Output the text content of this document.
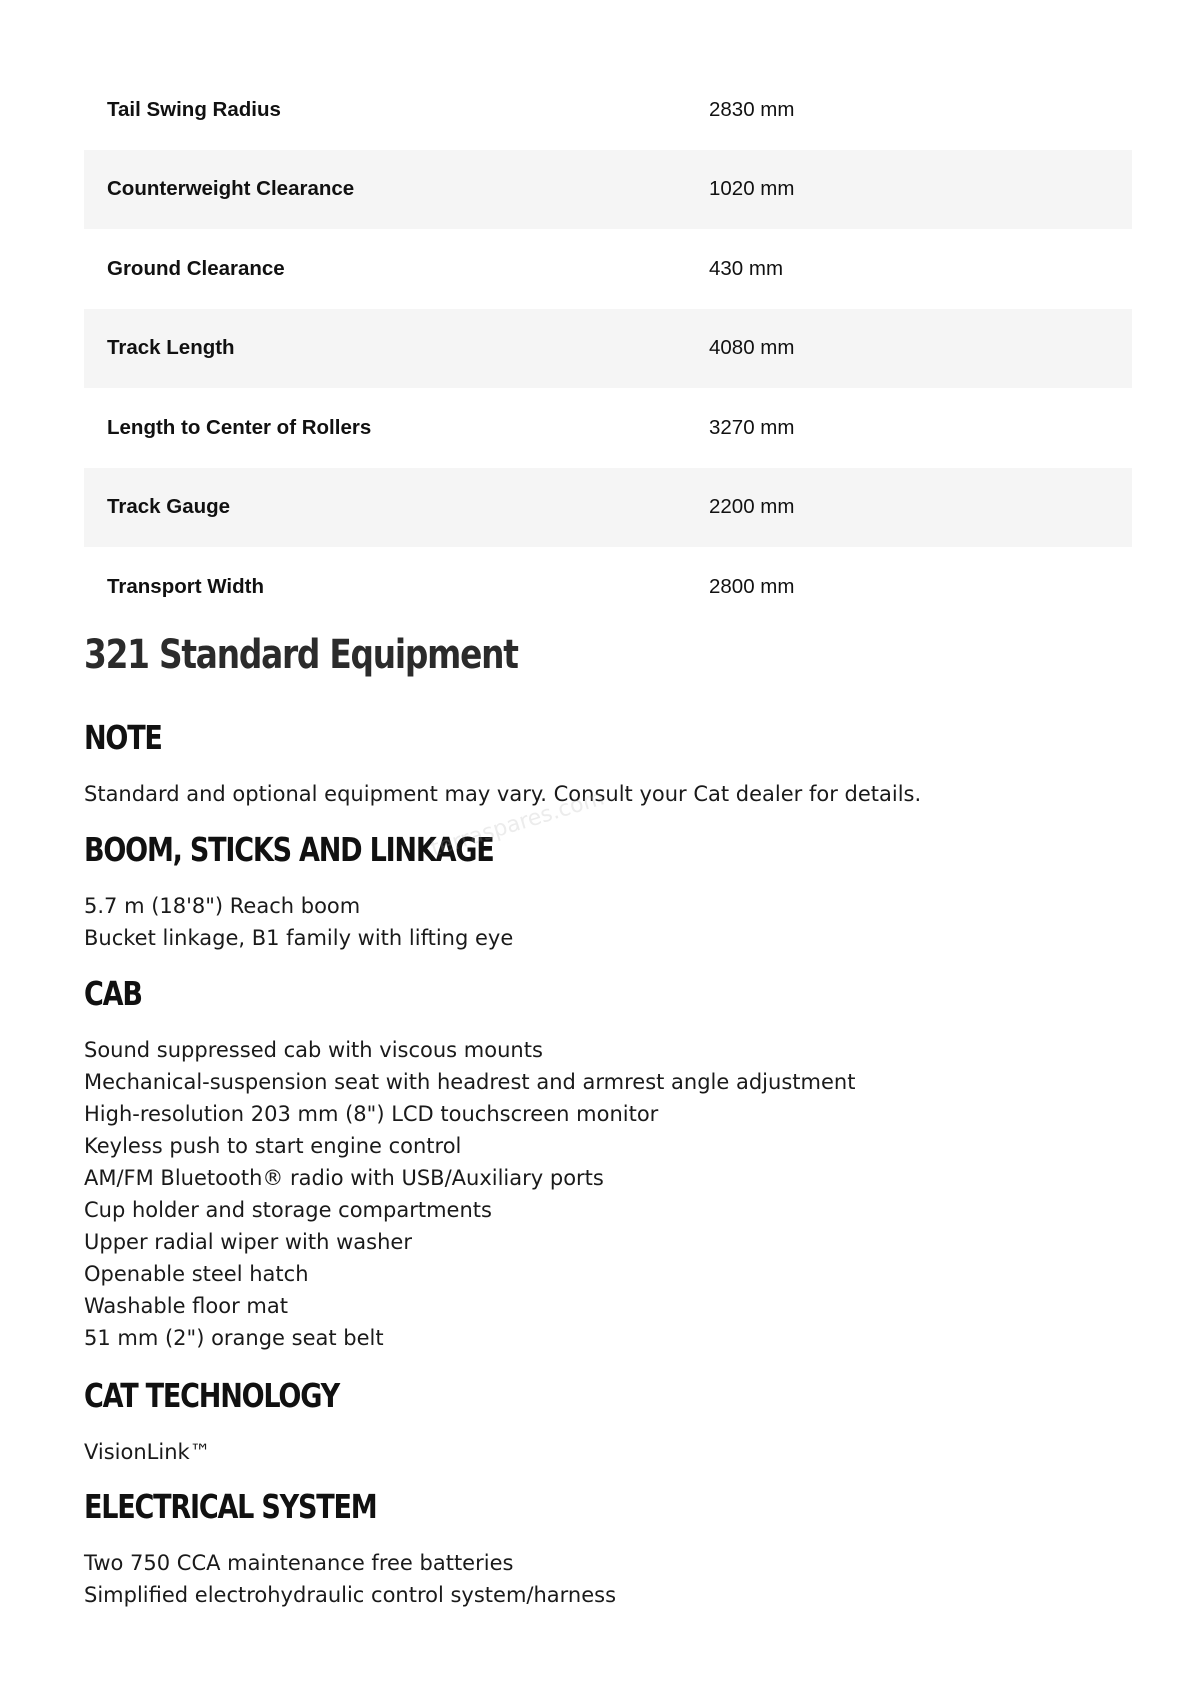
Tail Swing Radius	2830 mm
Counterweight Clearance	1020 mm
Ground Clearance	430 mm
Track Length	4080 mm
Length to Center of Rollers	3270 mm
Track Gauge	2200 mm
Transport Width	2800 mm
321 Standard Equipment
NOTE

Standard and optional equipment may vary. Consult your Cat dealer for details.

BOOM, STICKS AND LINKAGE
5.7 m (18'8") Reach boom
Bucket linkage, B1 family with lifting eye
CAB
Sound suppressed cab with viscous mounts
Mechanical-suspension seat with headrest and armrest angle adjustment
High-resolution 203 mm (8") LCD touchscreen monitor
Keyless push to start engine control
AM/FM Bluetooth® radio with USB/Auxiliary ports
Cup holder and storage compartments
Upper radial wiper with washer
Openable steel hatch
Washable floor mat
51 mm (2") orange seat belt
CAT TECHNOLOGY
VisionLink™
ELECTRICAL SYSTEM
Two 750 CCA maintenance free batteries
Simplified electrohydraulic control system/harness
terraspares.com
